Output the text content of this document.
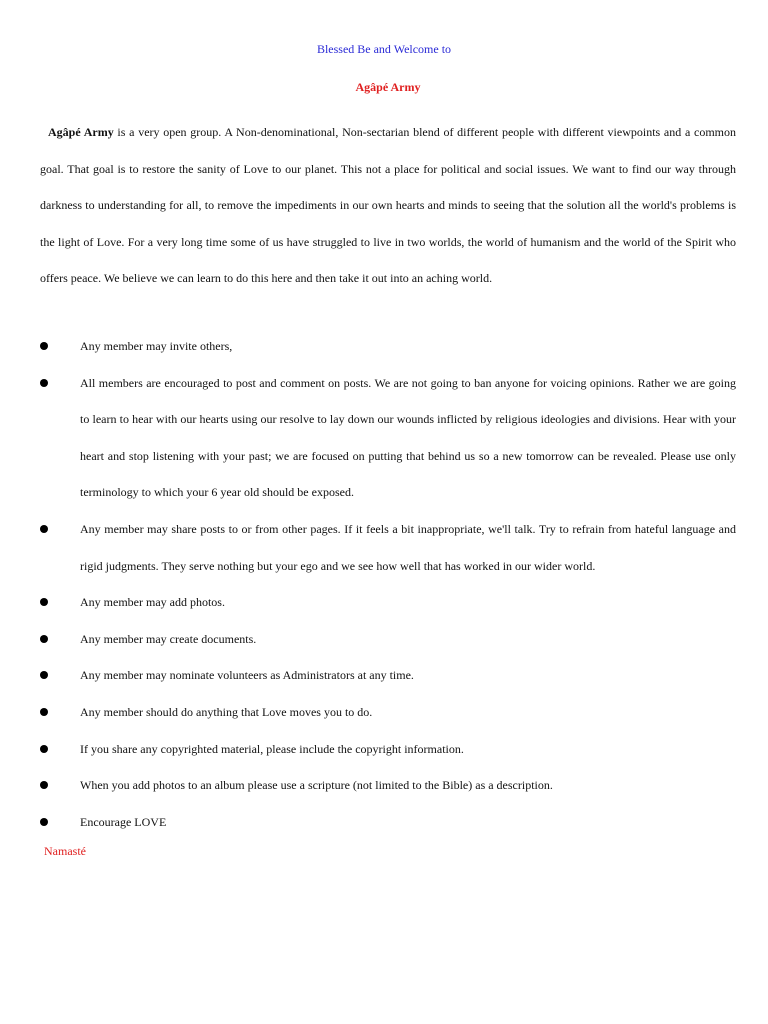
Blessed Be and Welcome to
Agâpé Army

Agâpé Army is a very open group. A Non-denominational, Non-sectarian blend of different people with different viewpoints and a common goal. That goal is to restore the sanity of Love to our planet. This not a place for political and social issues. We want to find our way through darkness to understanding for all, to remove the impediments in our own hearts and minds to seeing that the solution all the world's problems is the light of Love. For a very long time some of us have struggled to live in two worlds, the world of humanism and the world of the Spirit who offers peace. We believe we can learn to do this here and then take it out into an aching world.

Any member may invite others,
All members are encouraged to post and comment on posts. We are not going to ban anyone for voicing opinions. Rather we are going to learn to hear with our hearts using our resolve to lay down our wounds inflicted by religious ideologies and divisions. Hear with your heart and stop listening with your past; we are focused on putting that behind us so a new tomorrow can be revealed. Please use only terminology to which your 6 year old should be exposed.
Any member may share posts to or from other pages. If it feels a bit inappropriate, we'll talk. Try to refrain from hateful language and rigid judgments. They serve nothing but your ego and we see how well that has worked in our wider world.
Any member may add photos.
Any member may create documents.
Any member may nominate volunteers as Administrators at any time.
Any member should do anything that Love moves you to do.
If you share any copyrighted material, please include the copyright information.
When you add photos to an album please use a scripture (not limited to the Bible) as a description.
Encourage LOVE
Namasté
